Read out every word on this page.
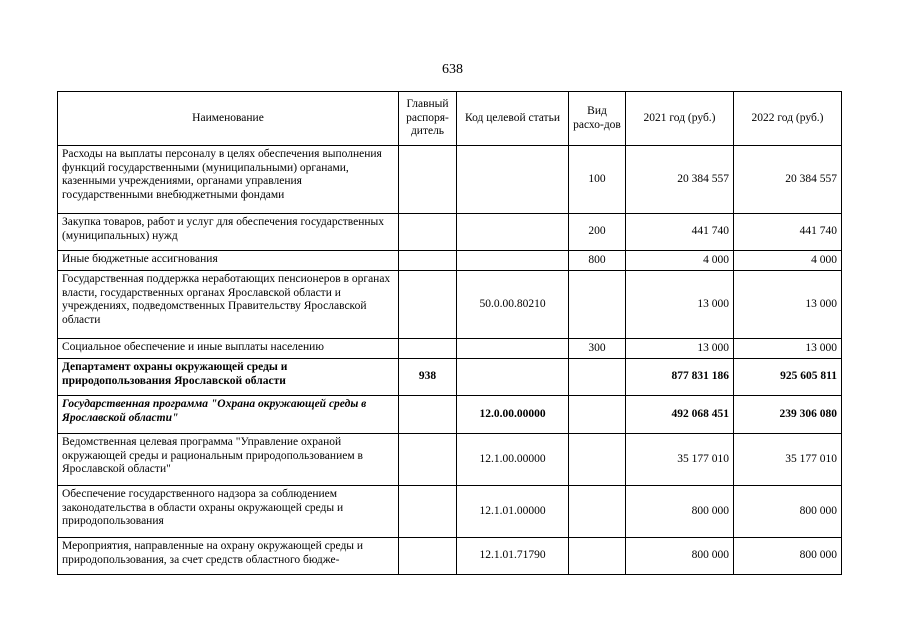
638
Наименование	Главный распоря-дитель	Код целевой статьи	Вид расхо-дов	2021 год (руб.)	2022 год (руб.)
Расходы на выплаты персоналу в целях обеспечения выполнения функций государственными (муниципальными) органами, казенными учреждениями, органами управления государственными внебюджетными фондами			100	20 384 557	20 384 557
Закупка товаров, работ и услуг для обеспечения государственных (муниципальных) нужд			200	441 740	441 740
Иные бюджетные ассигнования			800	4 000	4 000
Государственная поддержка неработающих пенсионеров в органах власти, государственных органах Ярославской области и учреждениях, подведомственных Правительству Ярославской области		50.0.00.80210		13 000	13 000
Социальное обеспечение и иные выплаты населению			300	13 000	13 000
Департамент охраны окружающей среды и природопользования Ярославской области	938			877 831 186	925 605 811
Государственная программа "Охрана окружающей среды в Ярославской области"		12.0.00.00000		492 068 451	239 306 080
Ведомственная целевая программа "Управление охраной окружающей среды и рациональным природопользованием в Ярославской области"		12.1.00.00000		35 177 010	35 177 010
Обеспечение государственного надзора за соблюдением законодательства в области охраны окружающей среды и природопользования		12.1.01.00000		800 000	800 000
Мероприятия, направленные на охрану окружающей среды и природопользования, за счет средств областного бюдже-		12.1.01.71790		800 000	800 000
